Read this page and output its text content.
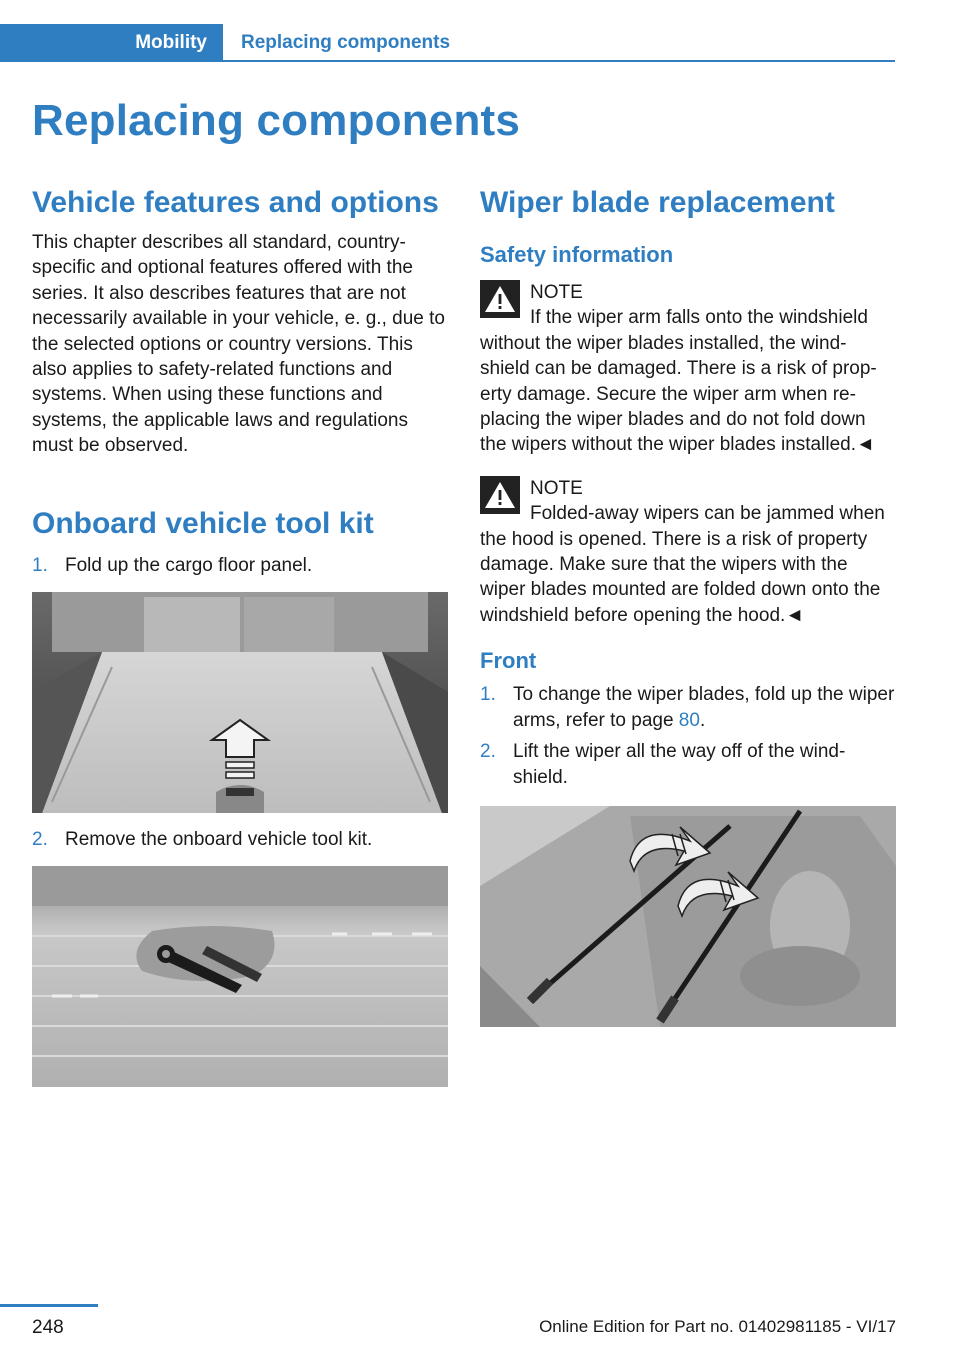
Mobility Replacing components
Replacing components
Vehicle features and options
This chapter describes all standard, country-specific and optional features offered with the series. It also describes features that are not necessarily available in your vehicle, e. g., due to the selected options or country versions. This also applies to safety-related functions and systems. When using these functions and systems, the applicable laws and regulations must be observed.
Onboard vehicle tool kit
1. Fold up the cargo floor panel.
2. Remove the onboard vehicle tool kit.
Wiper blade replacement
Safety information
NOTE
If the wiper arm falls onto the windshield without the wiper blades installed, the wind-shield can be damaged. There is a risk of prop-erty damage. Secure the wiper arm when re-placing the wiper blades and do not fold down the wipers without the wiper blades installed.◄
NOTE
Folded-away wipers can be jammed when the hood is opened. There is a risk of property damage. Make sure that the wipers with the wiper blades mounted are folded down onto the windshield before opening the hood.◄
Front
1. To change the wiper blades, fold up the wiper arms, refer to page 80.
2. Lift the wiper all the way off of the wind-shield.
248	Online Edition for Part no. 01402981185 - VI/17
